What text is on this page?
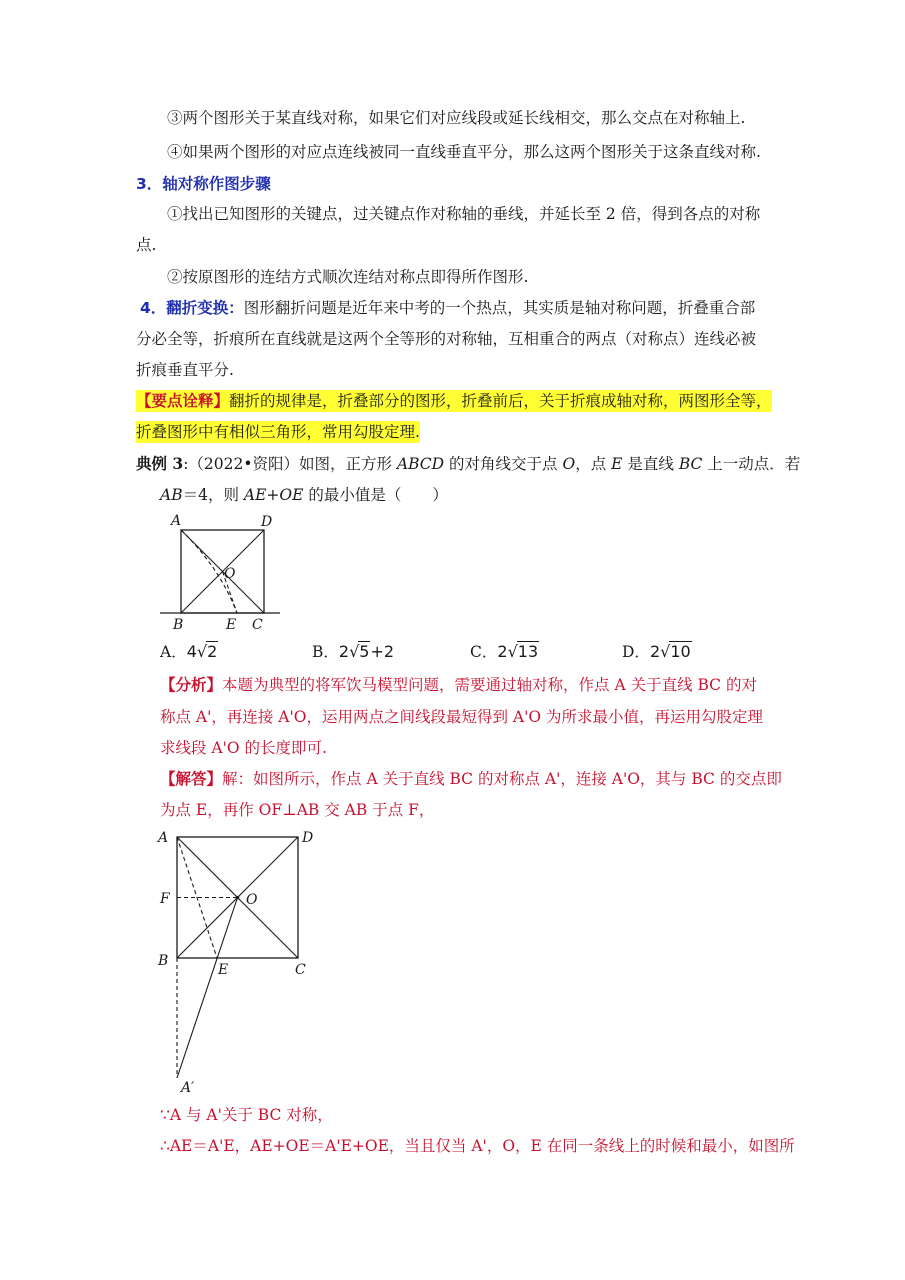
③两个图形关于某直线对称，如果它们对应线段或延长线相交，那么交点在对称轴上.
④如果两个图形的对应点连线被同一直线垂直平分，那么这两个图形关于这条直线对称.
3．轴对称作图步骤
①找出已知图形的关键点，过关键点作对称轴的垂线，并延长至 2 倍，得到各点的对称
点.
②按原图形的连结方式顺次连结对称点即得所作图形.
4．翻折变换：图形翻折问题是近年来中考的一个热点，其实质是轴对称问题，折叠重合部
分必全等，折痕所在直线就是这两个全等形的对称轴，互相重合的两点（对称点）连线必被
折痕垂直平分.
【要点诠释】翻折的规律是，折叠部分的图形，折叠前后，关于折痕成轴对称，两图形全等，
折叠图形中有相似三角形，常用勾股定理.
典例 3:（2022•资阳）如图，正方形 ABCD 的对角线交于点 O，点 E 是直线 BC 上一动点．若
AB＝4，则 AE+OE 的最小值是（　　）
A	D
O
B	E C
A．4√2	B．2√5+2	C．2√13	D．2√10
【分析】本题为典型的将军饮马模型问题，需要通过轴对称，作点 A 关于直线 BC 的对
称点 A'，再连接 A'O，运用两点之间线段最短得到 A'O 为所求最小值，再运用勾股定理
求线段 A'O 的长度即可.
【解答】解：如图所示，作点 A 关于直线 BC 的对称点 A'，连接 A'O，其与 BC 的交点即
为点 E，再作 OF⊥AB 交 AB 于点 F，
A	D
F	O
B
E	C
A′
∵A 与 A'关于 BC 对称，
∴AE＝A'E，AE+OE＝A'E+OE，当且仅当 A'，O，E 在同一条线上的时候和最小，如图所
